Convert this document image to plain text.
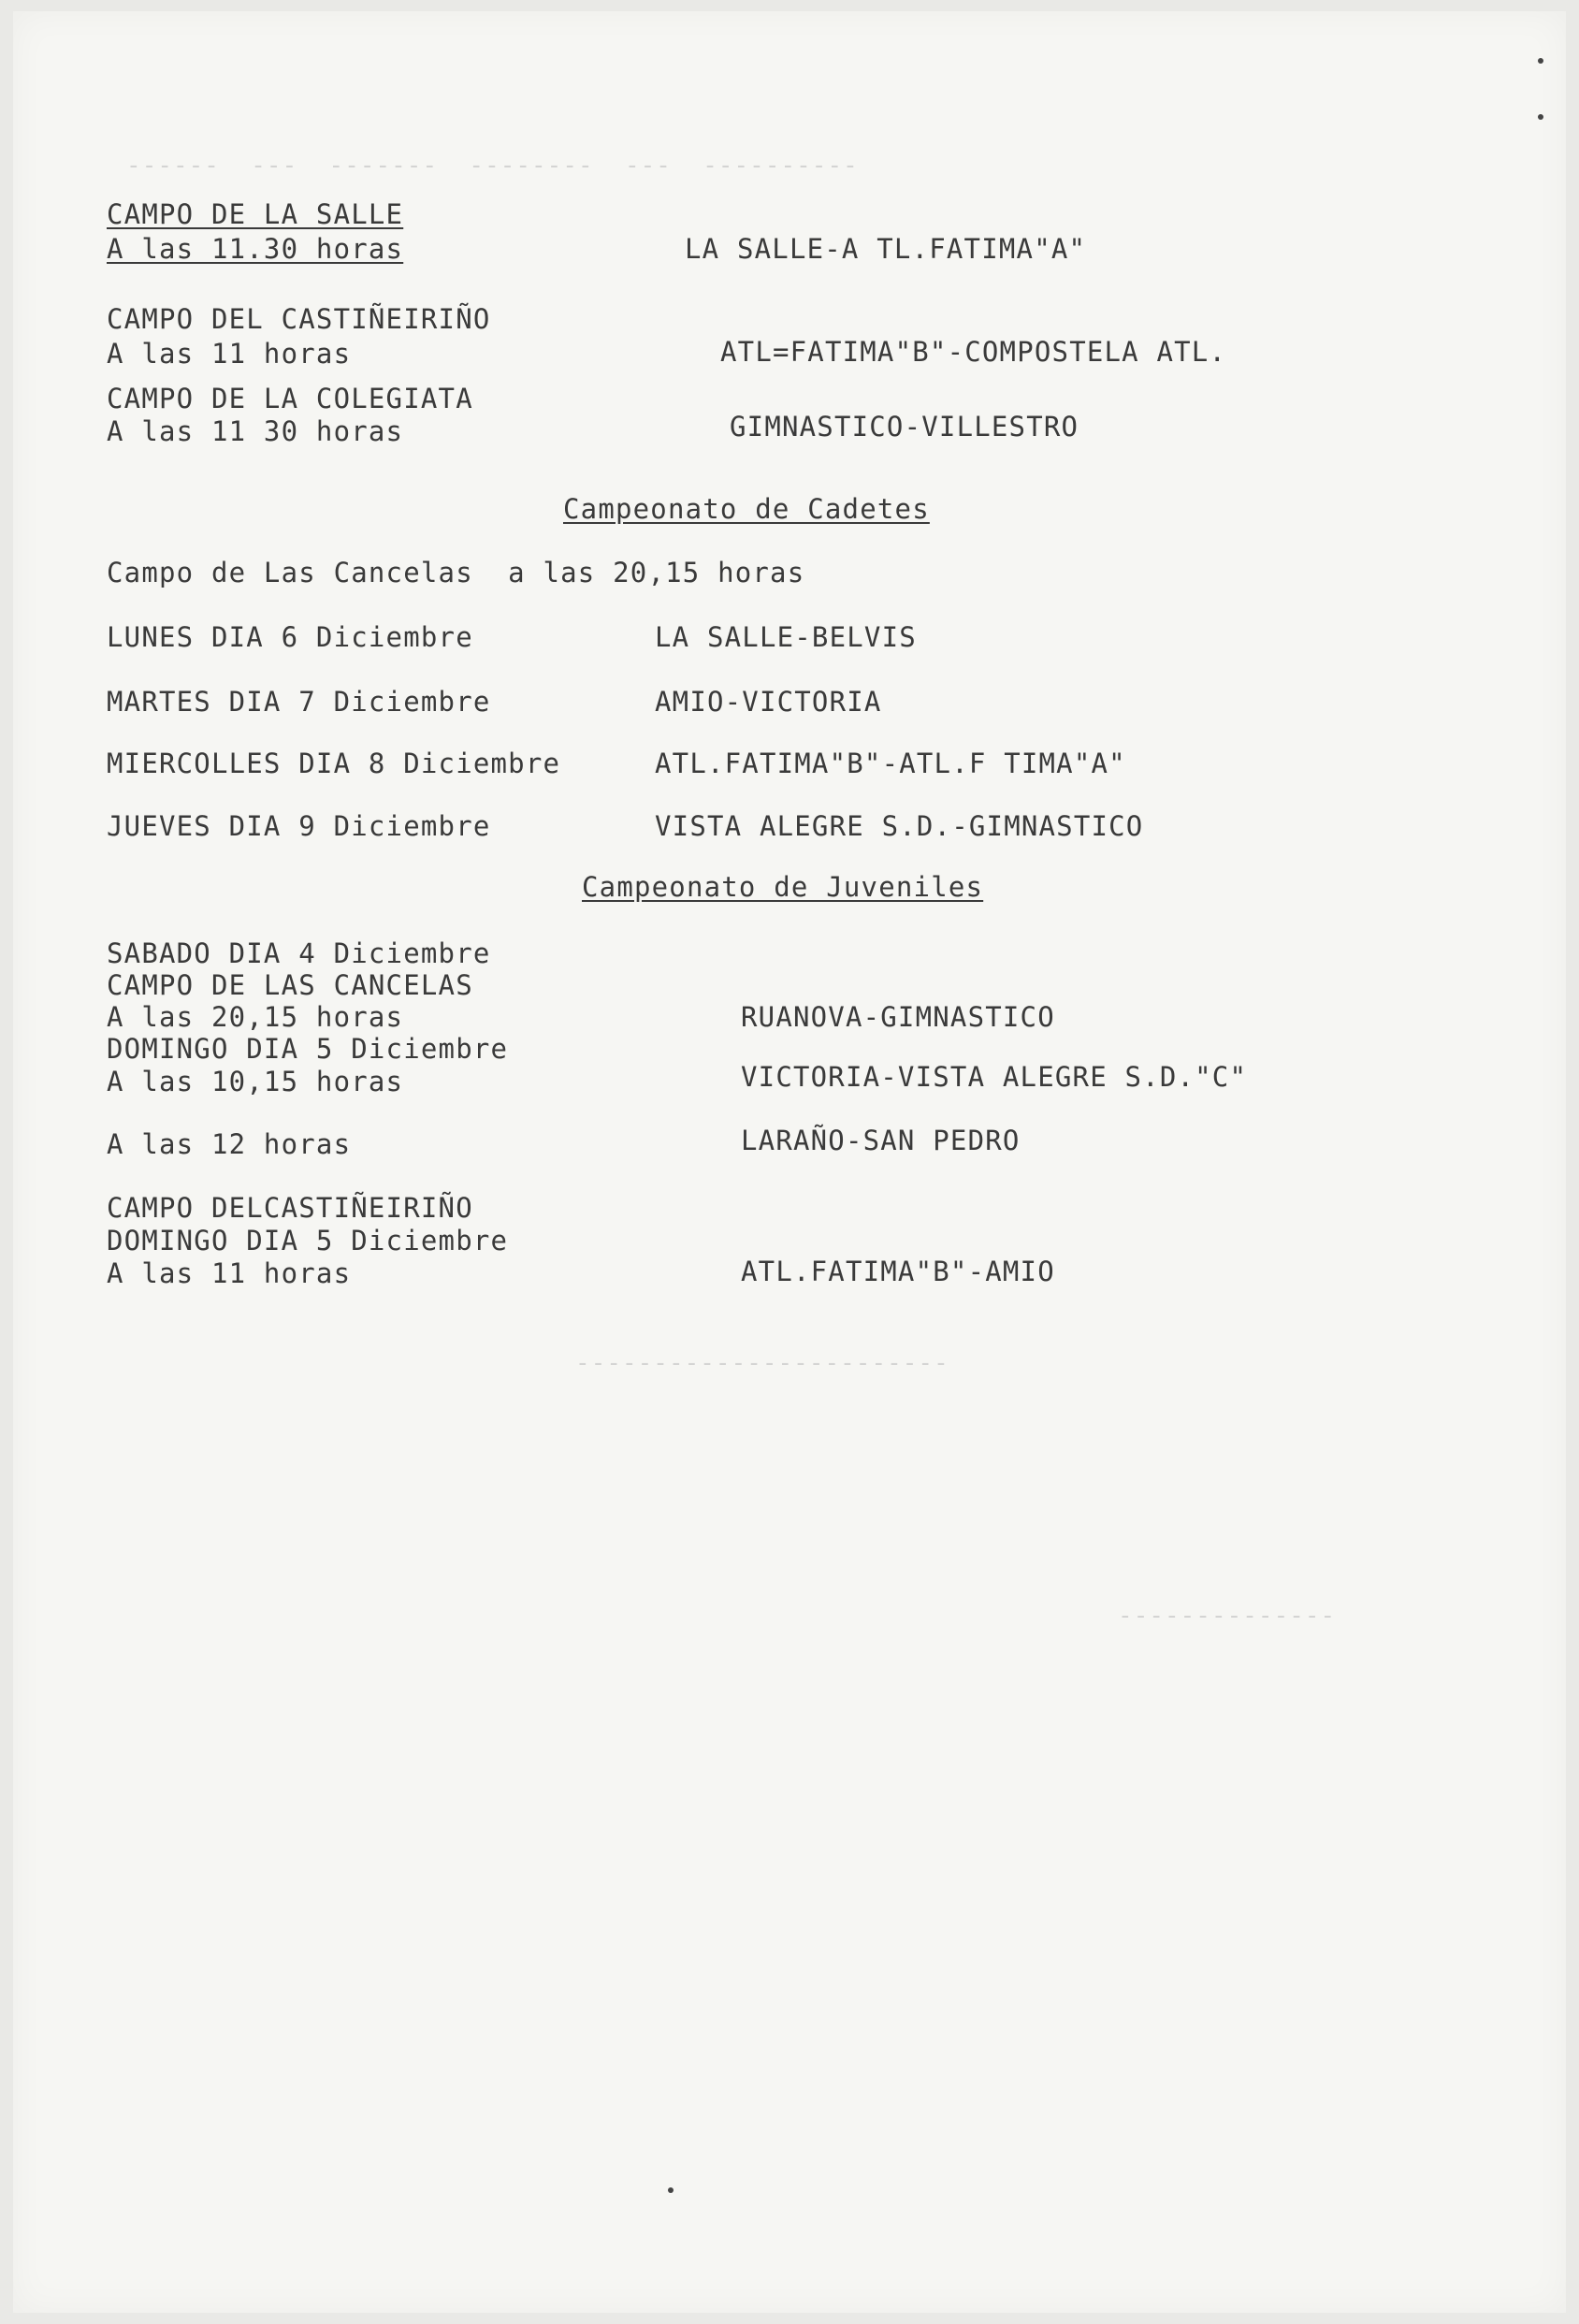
----------  ---  --------  -------  ---  ------
------------------------
--------------
CAMPO DE LA SALLE
A las 11.30 horas	LA SALLE-A TL.FATIMA"A"
CAMPO DEL CASTIÑEIRIÑO
A las 11 horas	ATL=FATIMA"B"-COMPOSTELA ATL.
CAMPO DE LA COLEGIATA
A las 11 30 horas	GIMNASTICO-VILLESTRO
Campeonato de Cadetes
Campo de Las Cancelas  a las 20,15 horas
LUNES DIA 6 Diciembre	LA SALLE-BELVIS
MARTES DIA 7 Diciembre	AMIO-VICTORIA
MIERCOLLES DIA 8 Diciembre	ATL.FATIMA"B"-ATL.F TIMA"A"
JUEVES DIA 9 Diciembre	VISTA ALEGRE S.D.-GIMNASTICO
Campeonato de Juveniles
SABADO DIA 4 Diciembre
CAMPO DE LAS CANCELAS
A las 20,15 horas	RUANOVA-GIMNASTICO
DOMINGO DIA 5 Diciembre
A las 10,15 horas	VICTORIA-VISTA ALEGRE S.D."C"
A las 12 horas	LARAÑO-SAN PEDRO
CAMPO DELCASTIÑEIRIÑO
DOMINGO DIA 5 Diciembre
A las 11 horas	ATL.FATIMA"B"-AMIO
